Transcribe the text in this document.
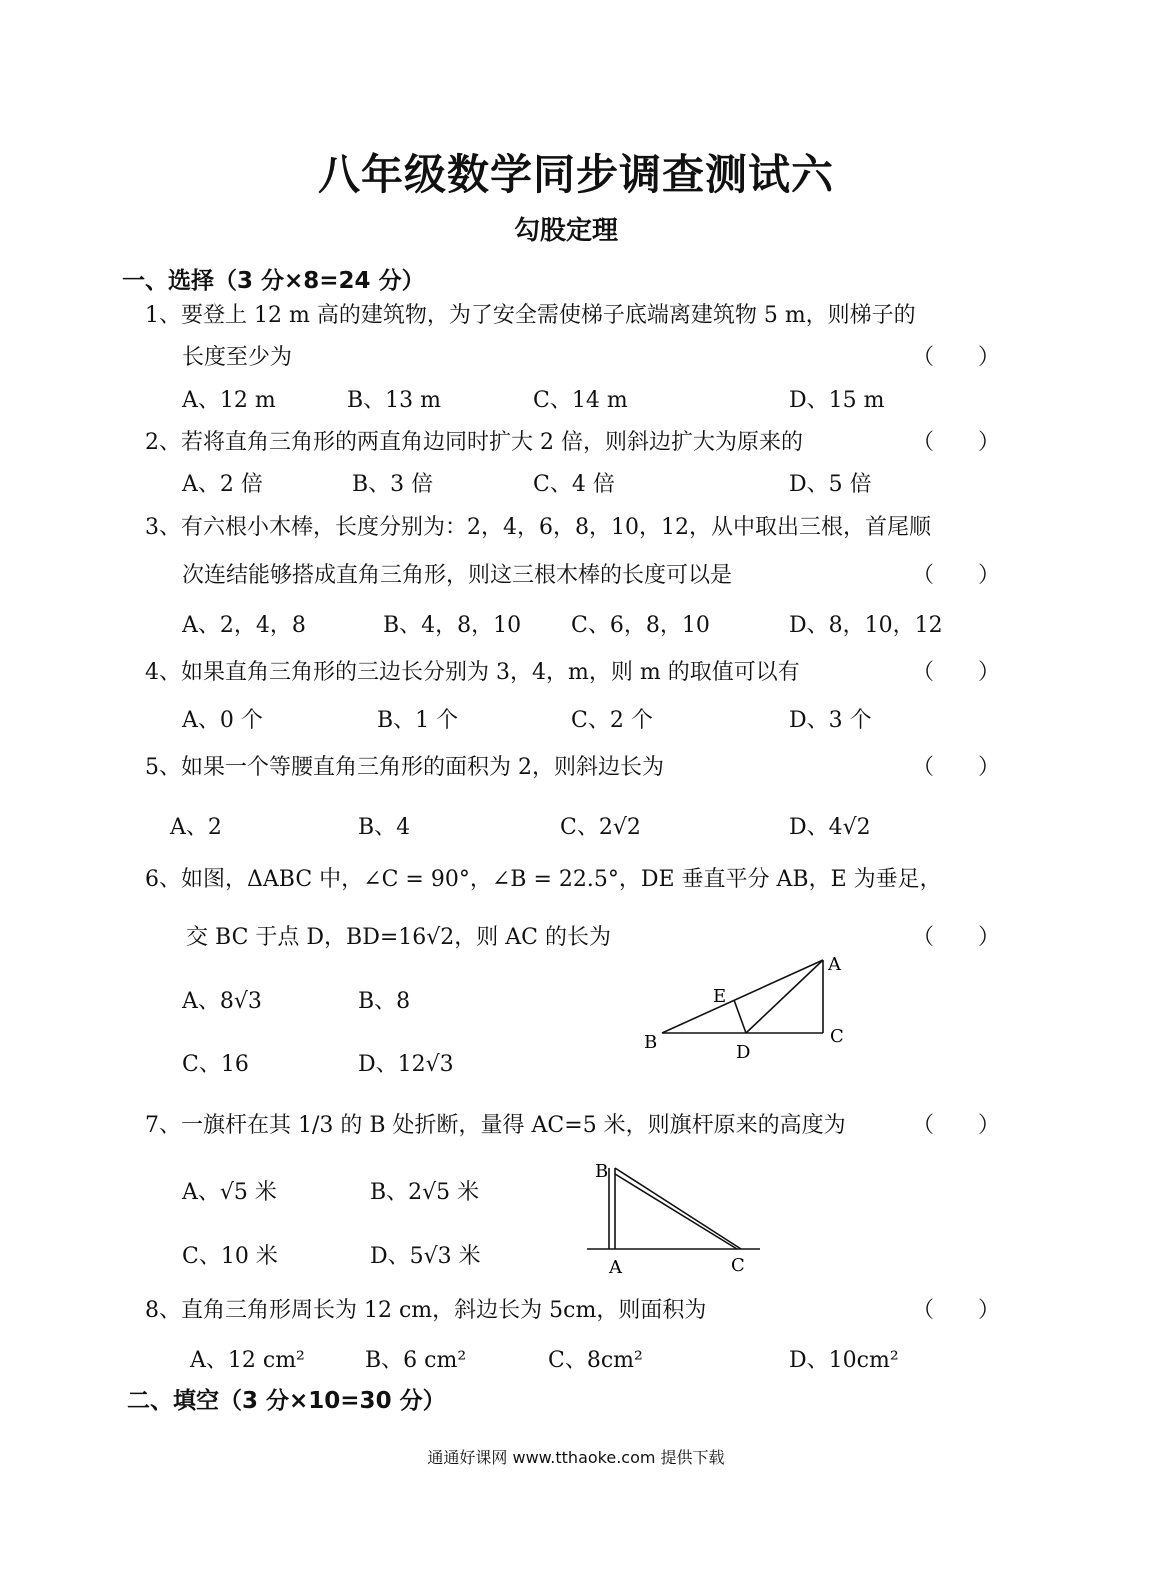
八年级数学同步调查测试六
勾股定理
一、选择（3 分×8=24 分）
1、要登上 12 m 高的建筑物，为了安全需使梯子底端离建筑物 5 m，则梯子的
长度至少为	（　　）
A、12 m	B、13 m	C、14 m	D、15 m
2、若将直角三角形的两直角边同时扩大 2 倍，则斜边扩大为原来的	（　　）
A、2 倍	B、3 倍	C、4 倍	D、5 倍
3、有六根小木棒，长度分别为：2，4，6，8，10，12，从中取出三根，首尾顺
次连结能够搭成直角三角形，则这三根木棒的长度可以是	（　　）
A、2，4，8	B、4，8，10 C、6，8，10	D、8，10，12
4、如果直角三角形的三边长分别为 3，4，m，则 m 的取值可以有	（　　）
A、0 个	B、1 个	C、2 个	D、3 个
5、如果一个等腰直角三角形的面积为 2，则斜边长为	（　　）
A、2	B、4	C、2√2	D、4√2
6、如图，ΔABC 中，∠C = 90°，∠B = 22.5°，DE 垂直平分 AB，E 为垂足，
交 BC 于点 D，BD=16√2，则 AC 的长为	（　　）
A、8√3	B、8
C、16	D、12√3
A
E
B	D
C
7、一旗杆在其 1/3 的 B 处折断，量得 AC=5 米，则旗杆原来的高度为	（　　）
A、√5 米	B、2√5 米
C、10 米	D、5√3 米
B
A	C
8、直角三角形周长为 12 cm，斜边长为 5cm，则面积为	（　　）
A、12 cm²	B、6 cm²	C、8cm²	D、10cm²
二、填空（3 分×10=30 分）
通通好课网 www.tthaoke.com 提供下载
